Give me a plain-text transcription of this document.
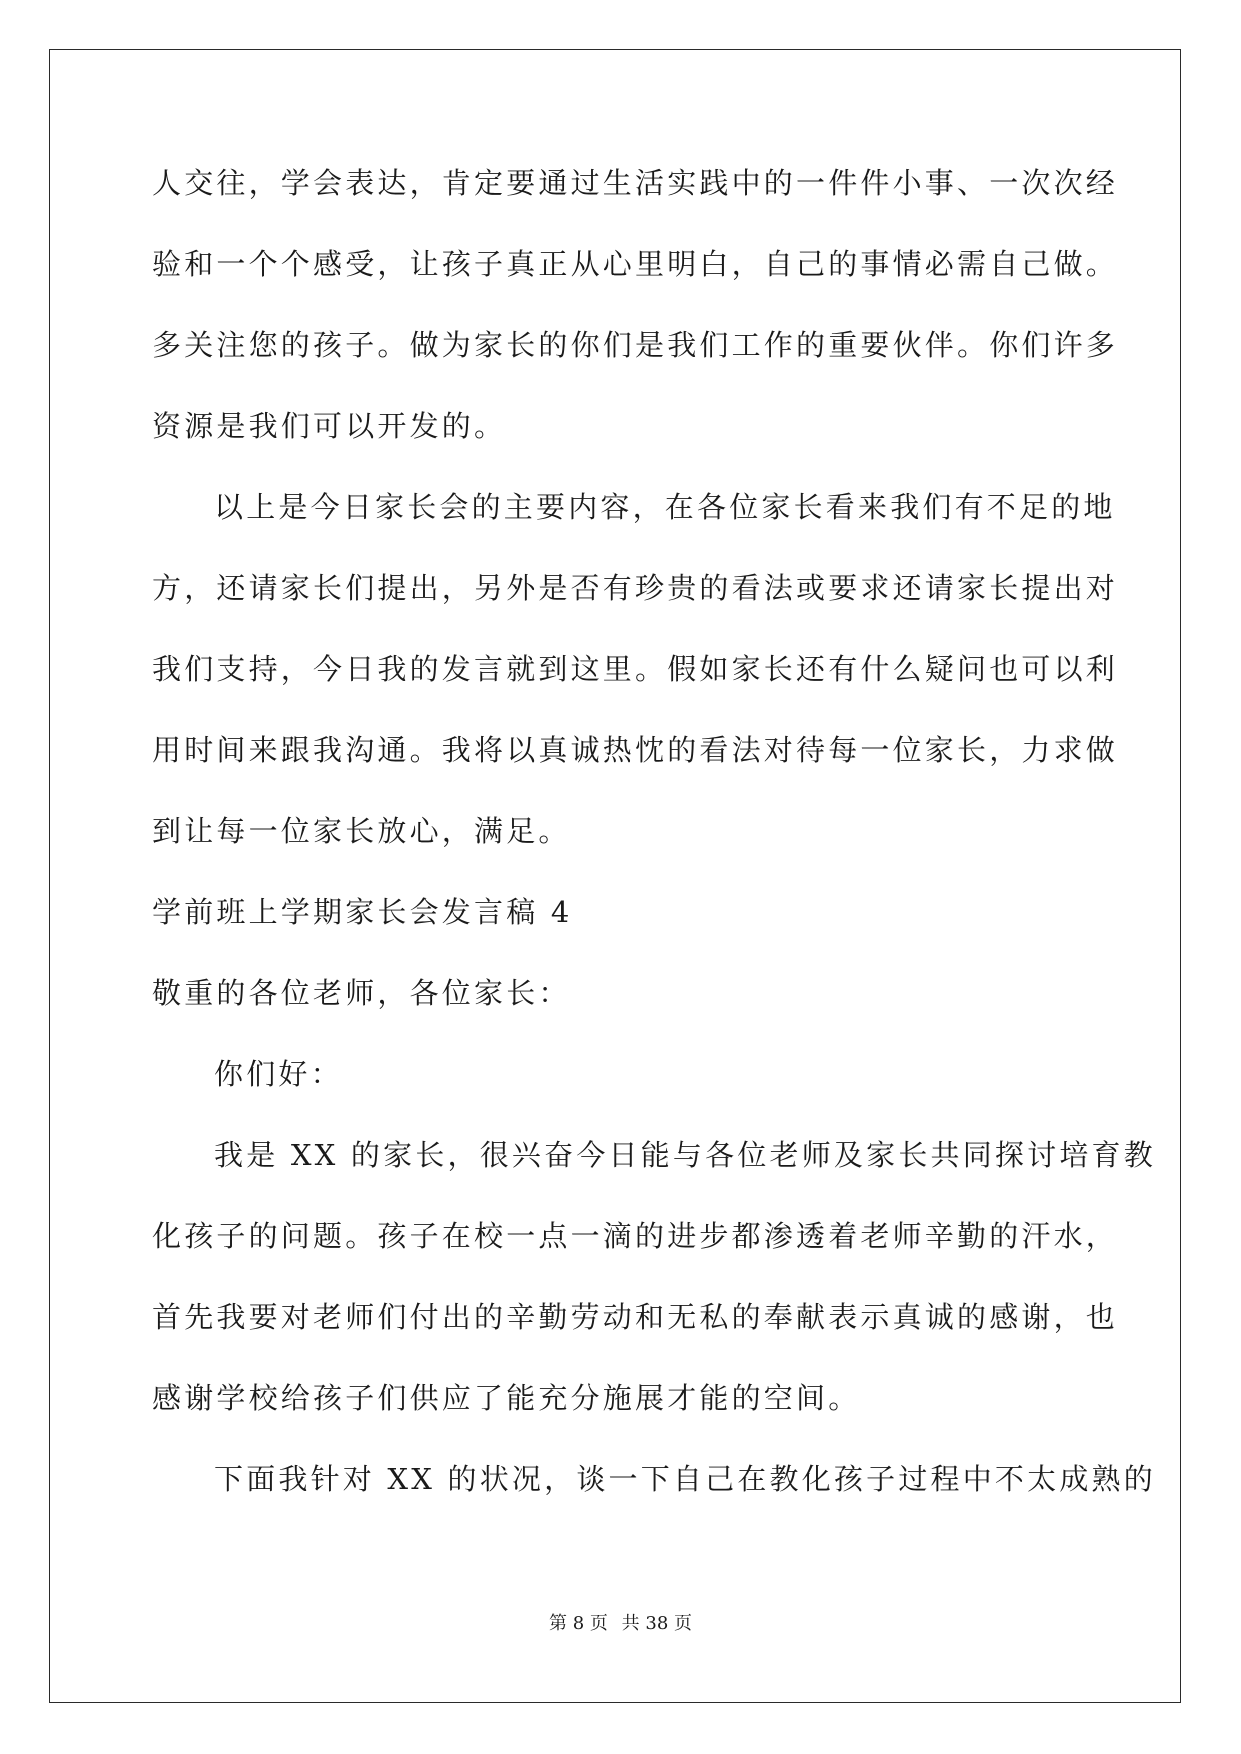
人交往，学会表达，肯定要通过生活实践中的一件件小事、一次次经
验和一个个感受，让孩子真正从心里明白，自己的事情必需自己做。
多关注您的孩子。做为家长的你们是我们工作的重要伙伴。你们许多
资源是我们可以开发的。
以上是今日家长会的主要内容，在各位家长看来我们有不足的地
方，还请家长们提出，另外是否有珍贵的看法或要求还请家长提出对
我们支持，今日我的发言就到这里。假如家长还有什么疑问也可以利
用时间来跟我沟通。我将以真诚热忱的看法对待每一位家长，力求做
到让每一位家长放心，满足。
学前班上学期家长会发言稿 4
敬重的各位老师，各位家长：
你们好：
我是 XX 的家长，很兴奋今日能与各位老师及家长共同探讨培育教
化孩子的问题。孩子在校一点一滴的进步都渗透着老师辛勤的汗水，
首先我要对老师们付出的辛勤劳动和无私的奉献表示真诚的感谢，也
感谢学校给孩子们供应了能充分施展才能的空间。
下面我针对 XX 的状况，谈一下自己在教化孩子过程中不太成熟的
第 8 页 共 38 页
